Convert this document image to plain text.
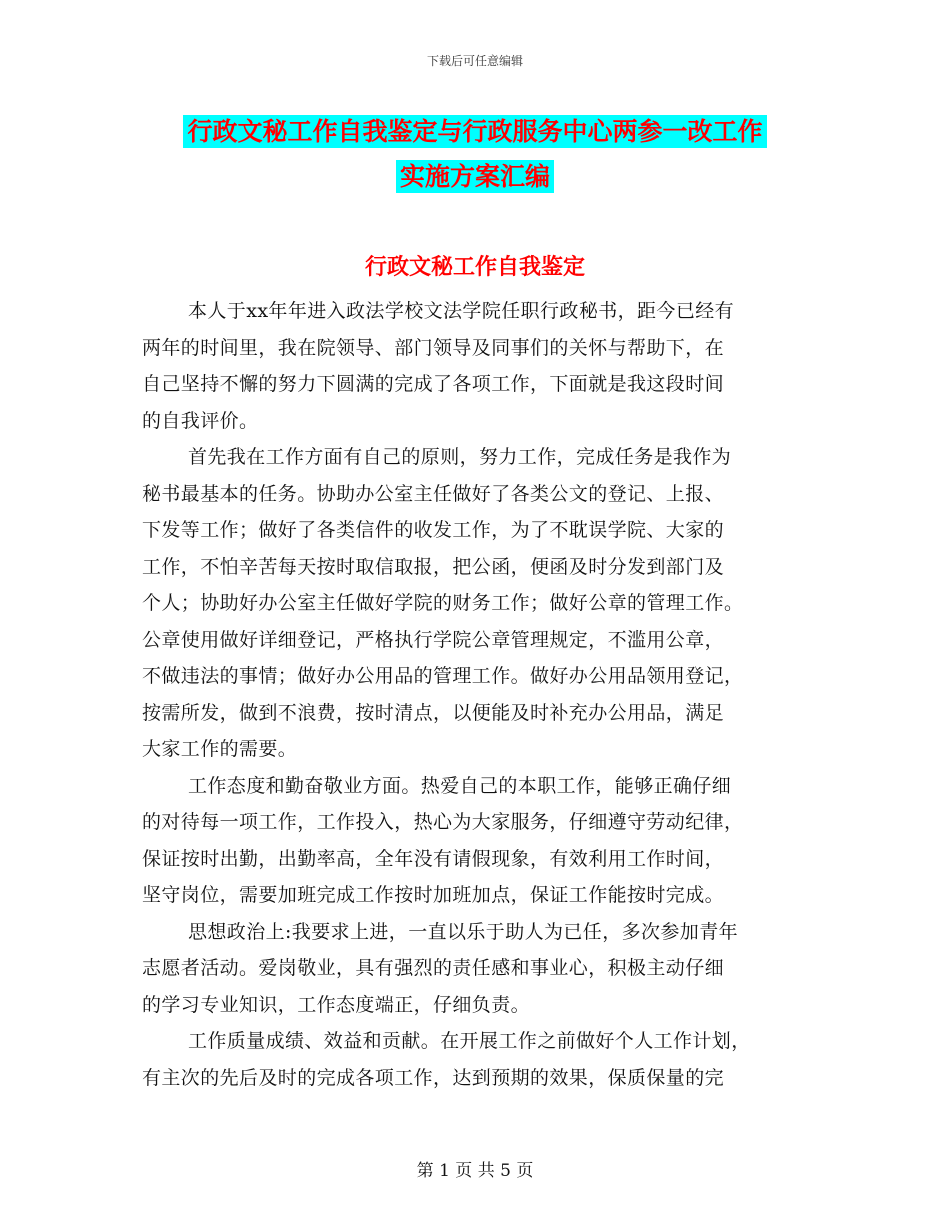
下载后可任意编辑
行政文秘工作自我鉴定与行政服务中心两参一改工作
实施方案汇编
行政文秘工作自我鉴定
本人于xx年年进入政法学校文法学院任职行政秘书，距今已经有
两年的时间里，我在院领导、部门领导及同事们的关怀与帮助下，在
自己坚持不懈的努力下圆满的完成了各项工作，下面就是我这段时间
的自我评价。
首先我在工作方面有自己的原则，努力工作，完成任务是我作为
秘书最基本的任务。协助办公室主任做好了各类公文的登记、上报、
下发等工作；做好了各类信件的收发工作，为了不耽误学院、大家的
工作，不怕辛苦每天按时取信取报，把公函，便函及时分发到部门及
个人；协助好办公室主任做好学院的财务工作；做好公章的管理工作。
公章使用做好详细登记，严格执行学院公章管理规定，不滥用公章，
不做违法的事情；做好办公用品的管理工作。做好办公用品领用登记，
按需所发，做到不浪费，按时清点，以便能及时补充办公用品，满足
大家工作的需要。
工作态度和勤奋敬业方面。热爱自己的本职工作，能够正确仔细
的对待每一项工作，工作投入，热心为大家服务，仔细遵守劳动纪律，
保证按时出勤，出勤率高，全年没有请假现象，有效利用工作时间，
坚守岗位，需要加班完成工作按时加班加点，保证工作能按时完成。
思想政治上:我要求上进，一直以乐于助人为已任，多次参加青年
志愿者活动。爱岗敬业，具有强烈的责任感和事业心，积极主动仔细
的学习专业知识，工作态度端正，仔细负责。
工作质量成绩、效益和贡献。在开展工作之前做好个人工作计划，
有主次的先后及时的完成各项工作，达到预期的效果，保质保量的完
第 1 页 共 5 页
